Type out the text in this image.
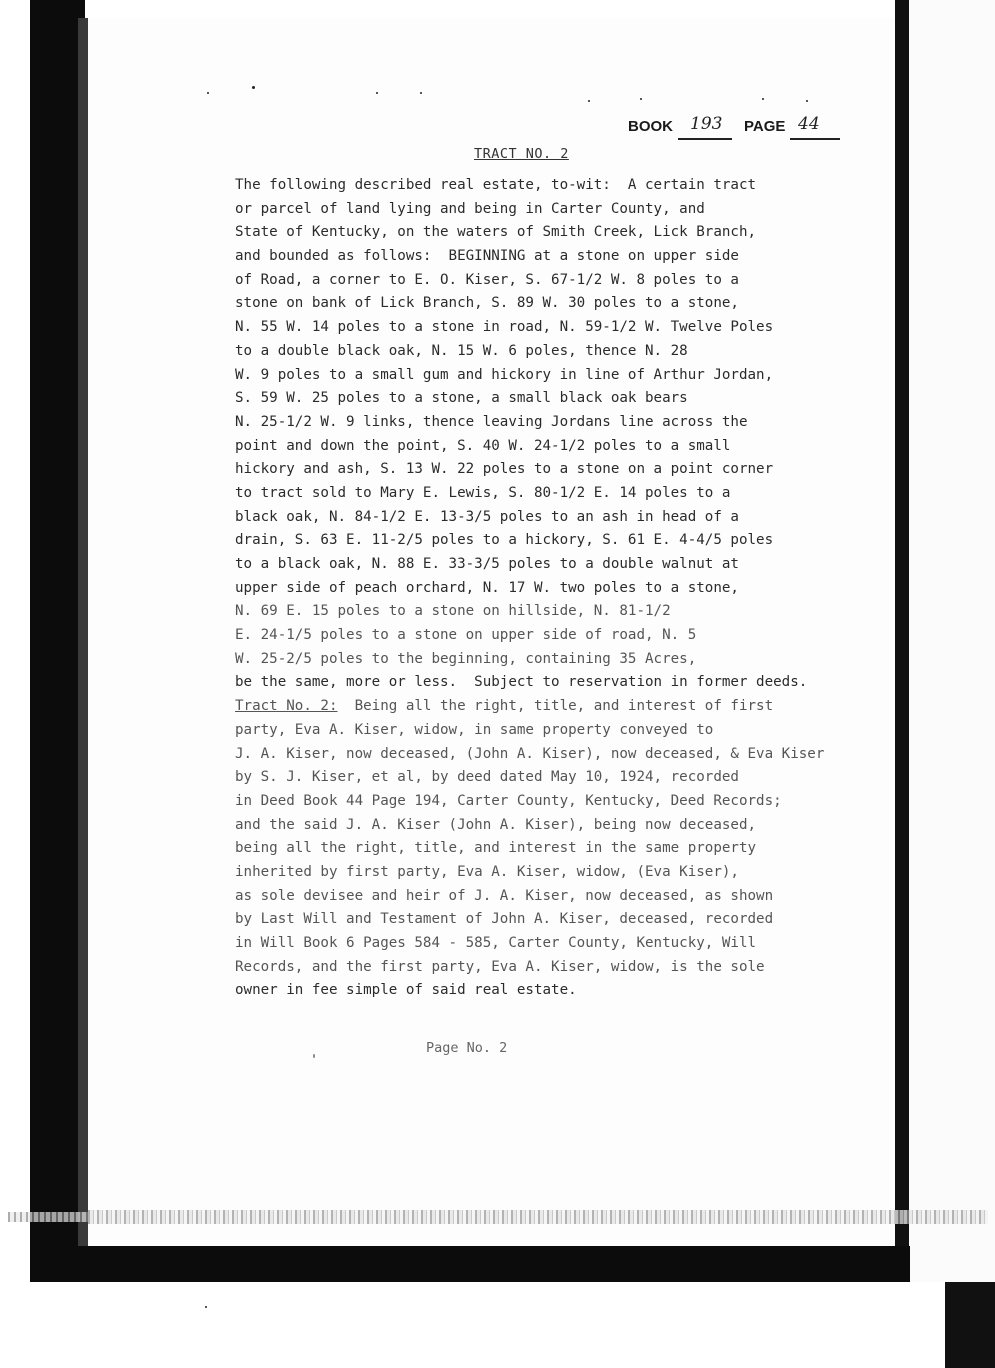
BOOK 193 PAGE 44
TRACT NO. 2
The following described real estate, to-wit:  A certain tract
or parcel of land lying and being in Carter County, and
State of Kentucky, on the waters of Smith Creek, Lick Branch,
and bounded as follows:  BEGINNING at a stone on upper side
of Road, a corner to E. O. Kiser, S. 67-1/2 W. 8 poles to a
stone on bank of Lick Branch, S. 89 W. 30 poles to a stone,
N. 55 W. 14 poles to a stone in road, N. 59-1/2 W. Twelve Poles
to a double black oak, N. 15 W. 6 poles, thence N. 28
W. 9 poles to a small gum and hickory in line of Arthur Jordan,
S. 59 W. 25 poles to a stone, a small black oak bears
N. 25-1/2 W. 9 links, thence leaving Jordans line across the
point and down the point, S. 40 W. 24-1/2 poles to a small
hickory and ash, S. 13 W. 22 poles to a stone on a point corner
to tract sold to Mary E. Lewis, S. 80-1/2 E. 14 poles to a
black oak, N. 84-1/2 E. 13-3/5 poles to an ash in head of a
drain, S. 63 E. 11-2/5 poles to a hickory, S. 61 E. 4-4/5 poles
to a black oak, N. 88 E. 33-3/5 poles to a double walnut at
upper side of peach orchard, N. 17 W. two poles to a stone,
N. 69 E. 15 poles to a stone on hillside, N. 81-1/2
E. 24-1/5 poles to a stone on upper side of road, N. 5
W. 25-2/5 poles to the beginning, containing 35 Acres,
be the same, more or less.  Subject to reservation in former deeds.
Tract No. 2:  Being all the right, title, and interest of first
party, Eva A. Kiser, widow, in same property conveyed to
J. A. Kiser, now deceased, (John A. Kiser), now deceased, & Eva Kiser
by S. J. Kiser, et al, by deed dated May 10, 1924, recorded
in Deed Book 44 Page 194, Carter County, Kentucky, Deed Records;
and the said J. A. Kiser (John A. Kiser), being now deceased,
being all the right, title, and interest in the same property
inherited by first party, Eva A. Kiser, widow, (Eva Kiser),
as sole devisee and heir of J. A. Kiser, now deceased, as shown
by Last Will and Testament of John A. Kiser, deceased, recorded
in Will Book 6 Pages 584 - 585, Carter County, Kentucky, Will
Records, and the first party, Eva A. Kiser, widow, is the sole
owner in fee simple of said real estate.
Page No. 2
